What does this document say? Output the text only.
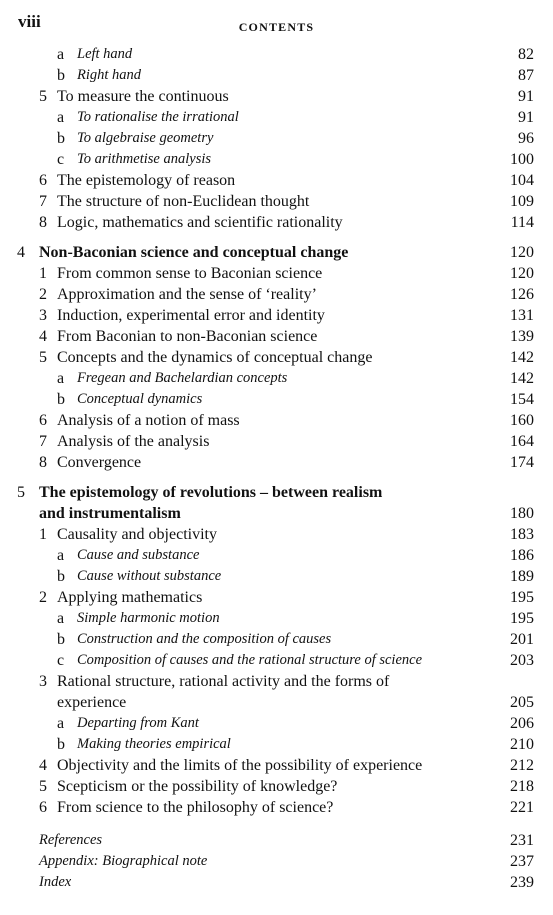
viii	CONTENTS
a Left hand	82
b Right hand	87
5 To measure the continuous	91
a To rationalise the irrational	91
b To algebraise geometry	96
c To arithmetise analysis	100
6 The epistemology of reason	104
7 The structure of non-Euclidean thought	109
8 Logic, mathematics and scientific rationality	114
4 Non-Baconian science and conceptual change	120
1 From common sense to Baconian science	120
2 Approximation and the sense of ‘reality’	126
3 Induction, experimental error and identity	131
4 From Baconian to non-Baconian science	139
5 Concepts and the dynamics of conceptual change	142
a Fregean and Bachelardian concepts	142
b Conceptual dynamics	154
6 Analysis of a notion of mass	160
7 Analysis of the analysis	164
8 Convergence	174
5 The epistemology of revolutions – between realism
and instrumentalism	180
1 Causality and objectivity	183
a Cause and substance	186
b Cause without substance	189
2 Applying mathematics	195
a Simple harmonic motion	195
b Construction and the composition of causes	201
c Composition of causes and the rational structure of science	203
3 Rational structure, rational activity and the forms of
experience	205
a Departing from Kant	206
b Making theories empirical	210
4 Objectivity and the limits of the possibility of experience	212
5 Scepticism or the possibility of knowledge?	218
6 From science to the philosophy of science?	221
References	231
Appendix: Biographical note	237
Index	239
